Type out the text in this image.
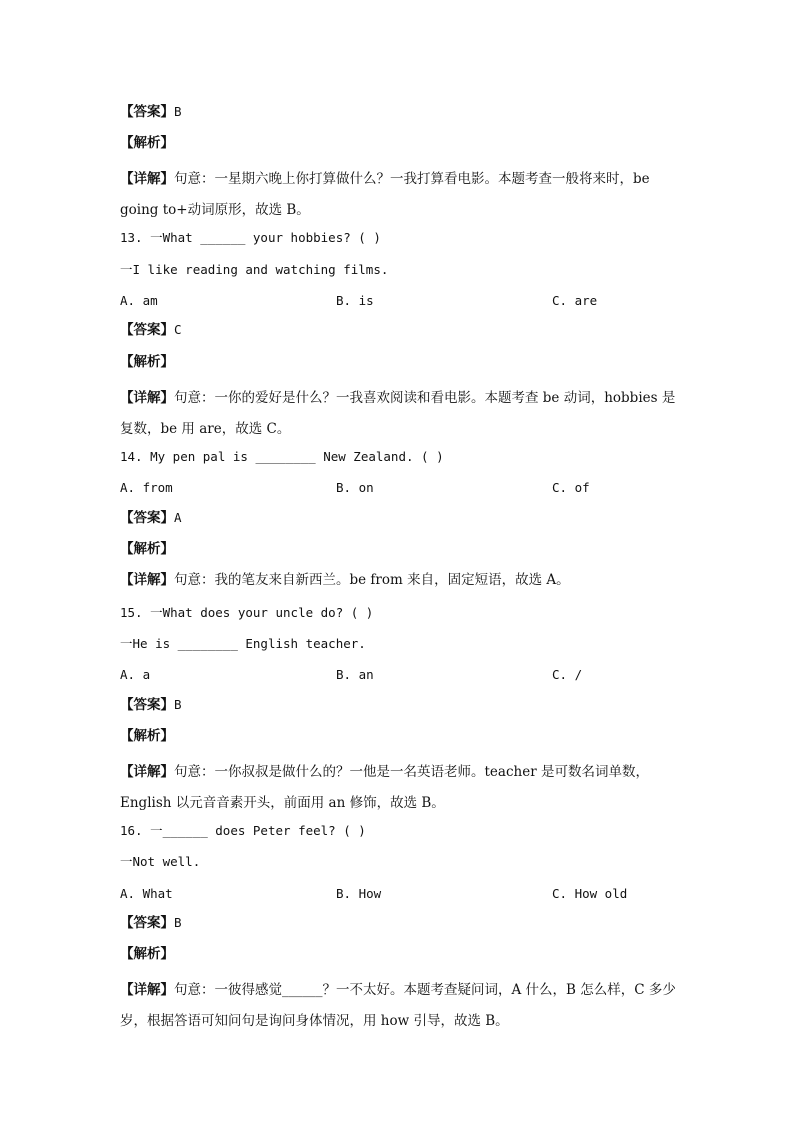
【答案】B
【解析】
【详解】句意：一星期六晚上你打算做什么？一我打算看电影。本题考查一般将来时，be going to+动词原形，故选 B。
13. 一What ______ your hobbies? ( )
一I like reading and watching films.
A. am	B. is	C. are
【答案】C
【解析】
【详解】句意：一你的爱好是什么？一我喜欢阅读和看电影。本题考查 be 动词，hobbies 是复数，be 用 are，故选 C。
14. My pen pal is ________ New Zealand. ( )
A. from	B. on	C. of
【答案】A
【解析】
【详解】句意：我的笔友来自新西兰。be from 来自，固定短语，故选 A。
15. 一What does your uncle do? ( )
一He is ________ English teacher.
A. a	B. an	C. /
【答案】B
【解析】
【详解】句意：一你叔叔是做什么的？一他是一名英语老师。teacher 是可数名词单数，English 以元音音素开头，前面用 an 修饰，故选 B。
16. 一______ does Peter feel? ( )
一Not well.
A. What	B. How	C. How old
【答案】B
【解析】
【详解】句意：一彼得感觉______？一不太好。本题考查疑问词，A 什么，B 怎么样，C 多少岁，根据答语可知问句是询问身体情况，用 how 引导，故选 B。
